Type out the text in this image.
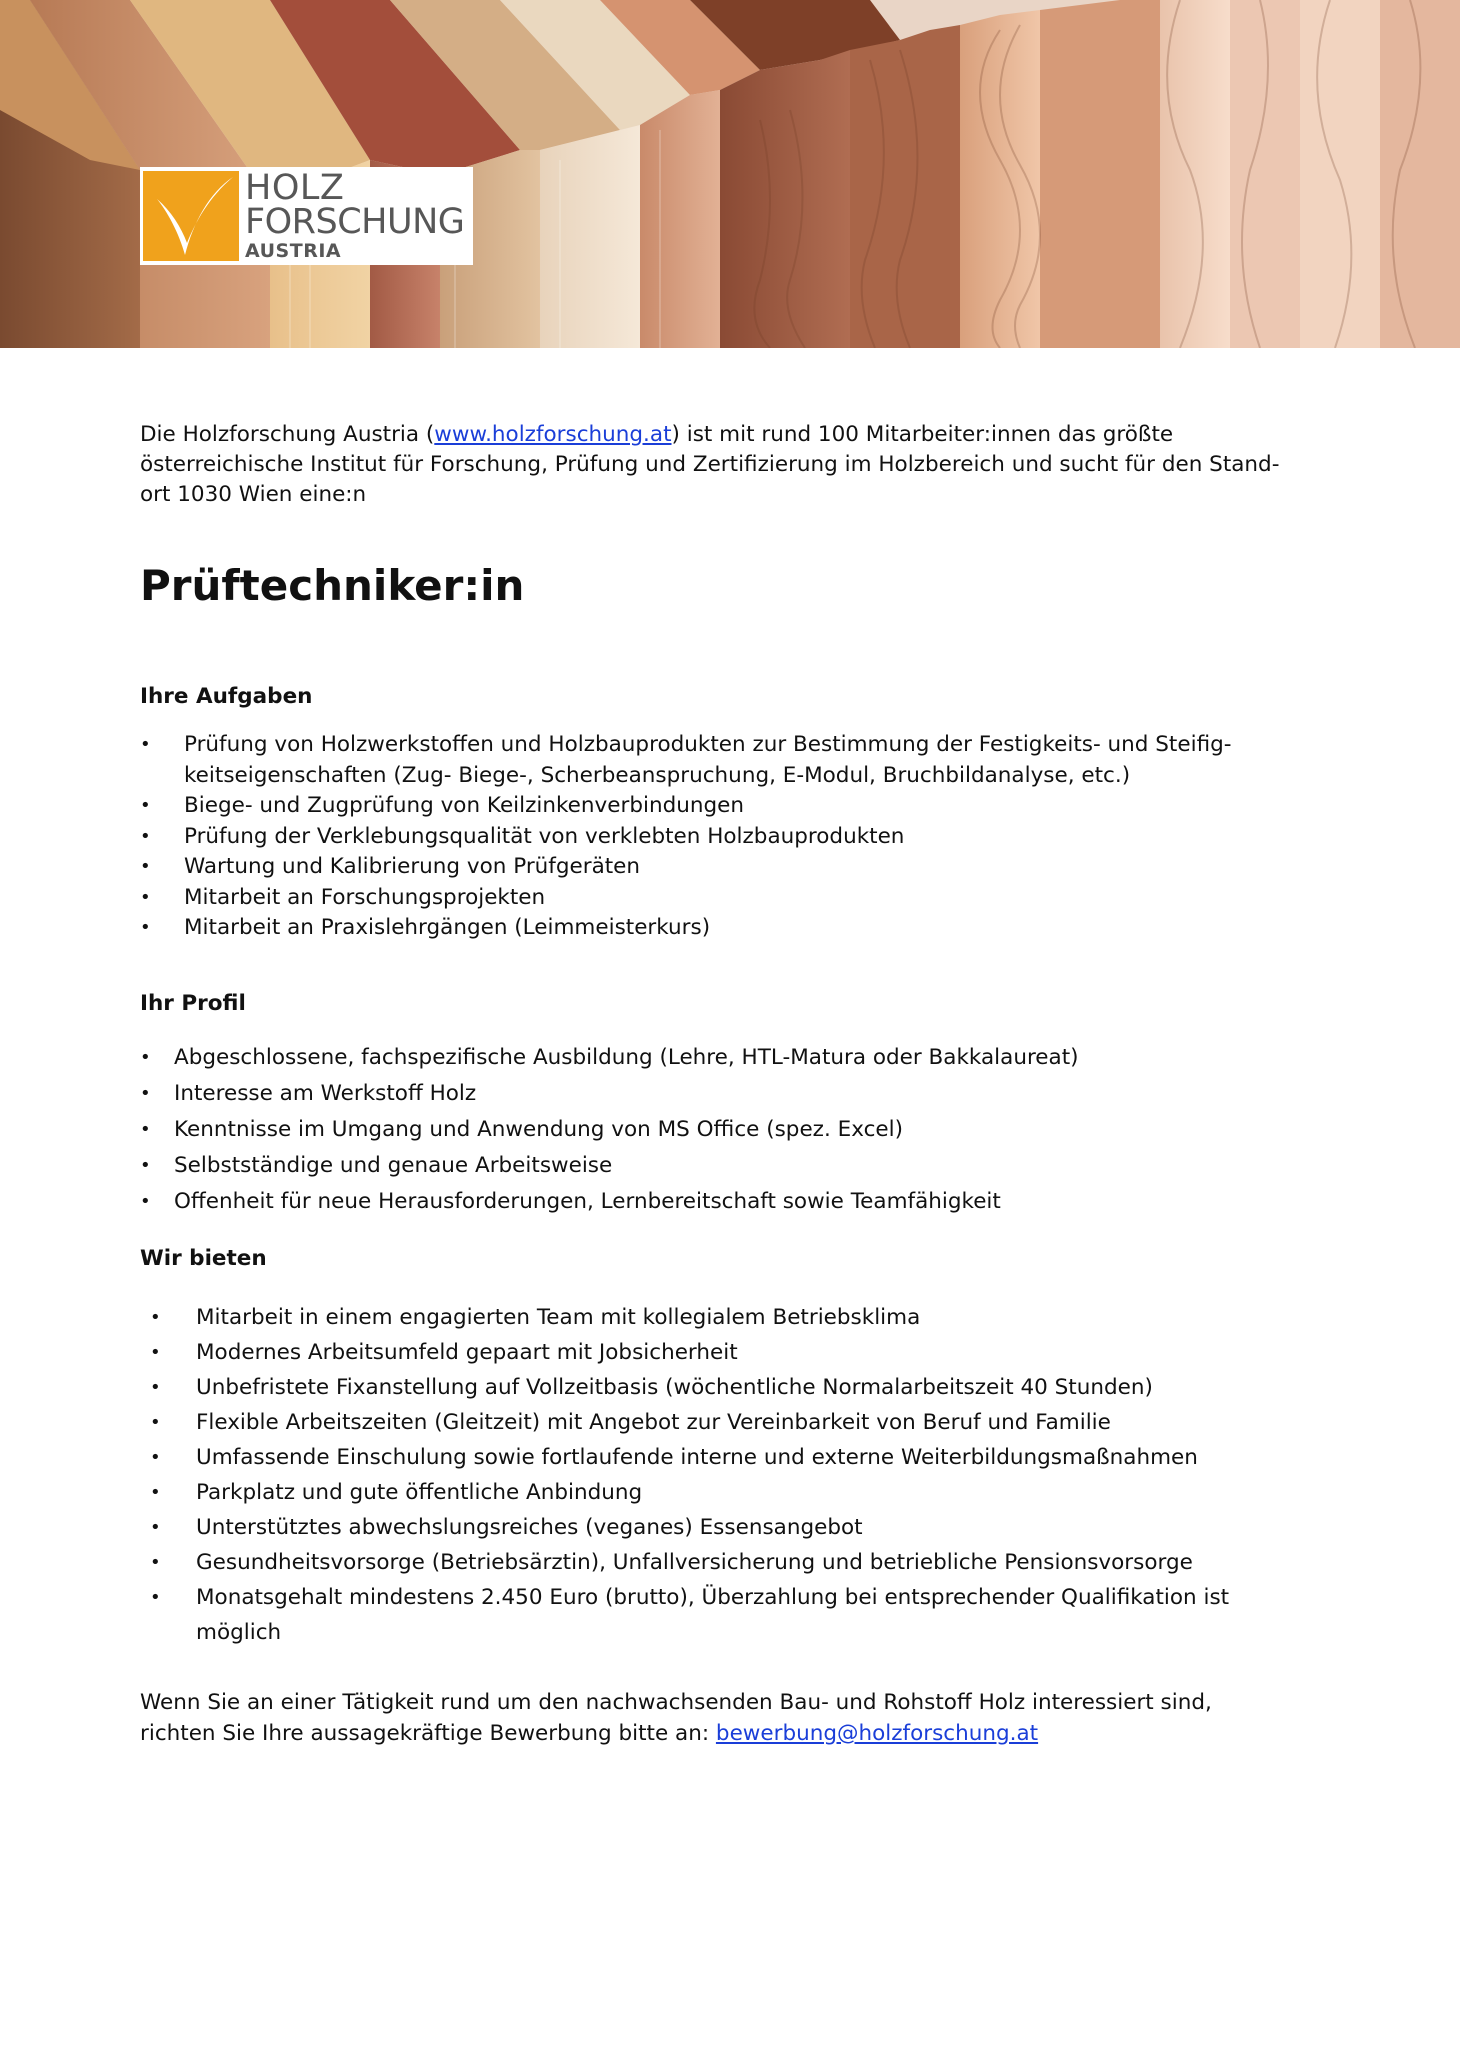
HOLZ
FORSCHUNG
AUSTRIA

Die Holzforschung Austria (www.holzforschung.at) ist mit rund 100 Mitarbeiter:innen das größte
österreichische Institut für Forschung, Prüfung und Zertifizierung im Holzbereich und sucht für den Stand-
ort 1030 Wien eine:n

Prüftechniker:in
Ihre Aufgaben
• Prüfung von Holzwerkstoffen und Holzbauprodukten zur Bestimmung der Festigkeits- und Steifig-
keitseigenschaften (Zug- Biege-, Scherbeanspruchung, E-Modul, Bruchbildanalyse, etc.)
• Biege- und Zugprüfung von Keilzinkenverbindungen
• Prüfung der Verklebungsqualität von verklebten Holzbauprodukten
• Wartung und Kalibrierung von Prüfgeräten
• Mitarbeit an Forschungsprojekten
• Mitarbeit an Praxislehrgängen (Leimmeisterkurs)
Ihr Profil
• Abgeschlossene, fachspezifische Ausbildung (Lehre, HTL-Matura oder Bakkalaureat)
• Interesse am Werkstoff Holz
• Kenntnisse im Umgang und Anwendung von MS Office (spez. Excel)
• Selbstständige und genaue Arbeitsweise
• Offenheit für neue Herausforderungen, Lernbereitschaft sowie Teamfähigkeit
Wir bieten
• Mitarbeit in einem engagierten Team mit kollegialem Betriebsklima
• Modernes Arbeitsumfeld gepaart mit Jobsicherheit
• Unbefristete Fixanstellung auf Vollzeitbasis (wöchentliche Normalarbeitszeit 40 Stunden)
• Flexible Arbeitszeiten (Gleitzeit) mit Angebot zur Vereinbarkeit von Beruf und Familie
• Umfassende Einschulung sowie fortlaufende interne und externe Weiterbildungsmaßnahmen
• Parkplatz und gute öffentliche Anbindung
• Unterstütztes abwechslungsreiches (veganes) Essensangebot
• Gesundheitsvorsorge (Betriebsärztin), Unfallversicherung und betriebliche Pensionsvorsorge
• Monatsgehalt mindestens 2.450 Euro (brutto), Überzahlung bei entsprechender Qualifikation ist
möglich

Wenn Sie an einer Tätigkeit rund um den nachwachsenden Bau- und Rohstoff Holz interessiert sind,
richten Sie Ihre aussagekräftige Bewerbung bitte an: bewerbung@holzforschung.at
